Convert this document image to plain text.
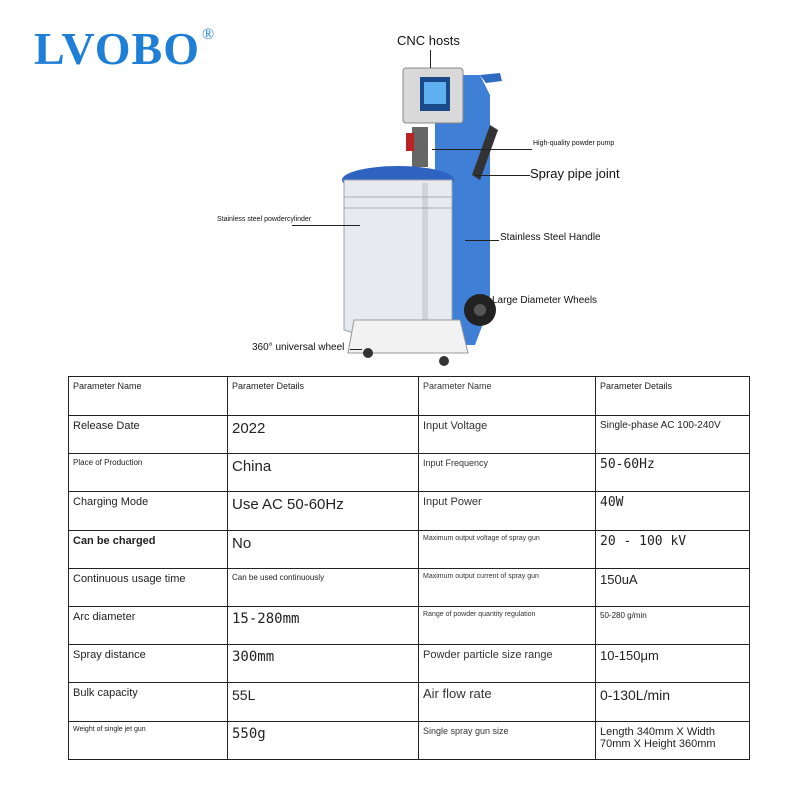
LVOBO ®	CNC hosts
High-quality powder pump
Spray pipe joint
Stainless steel powdercylinder
Stainless Steel Handle
Large Diameter Wheels
360° universal wheel
Parameter Name	Parameter Details	Parameter Name	Parameter Details
Release Date	2022	Input Voltage	Single-phase AC 100-240V
Place of Production	China	Input Frequency	50-60Hz
Charging Mode	Use AC 50-60Hz	Input Power	40W
Can be charged	No	Maximum output voltage of spray gun	20 - 100 kV
Continuous usage time	Can be used continuously	Maximum output current of spray gun	150uA
Arc diameter	15-280mm	Range of powder quantity regulation	50-280 g/min
Spray distance	300mm	Powder particle size range	10-150μm
Bulk capacity	55L	Air flow rate	0-130L/min
Weight of single jet gun	550g	Single spray gun size	Length 340mm X Width 70mm X Height 360mm
